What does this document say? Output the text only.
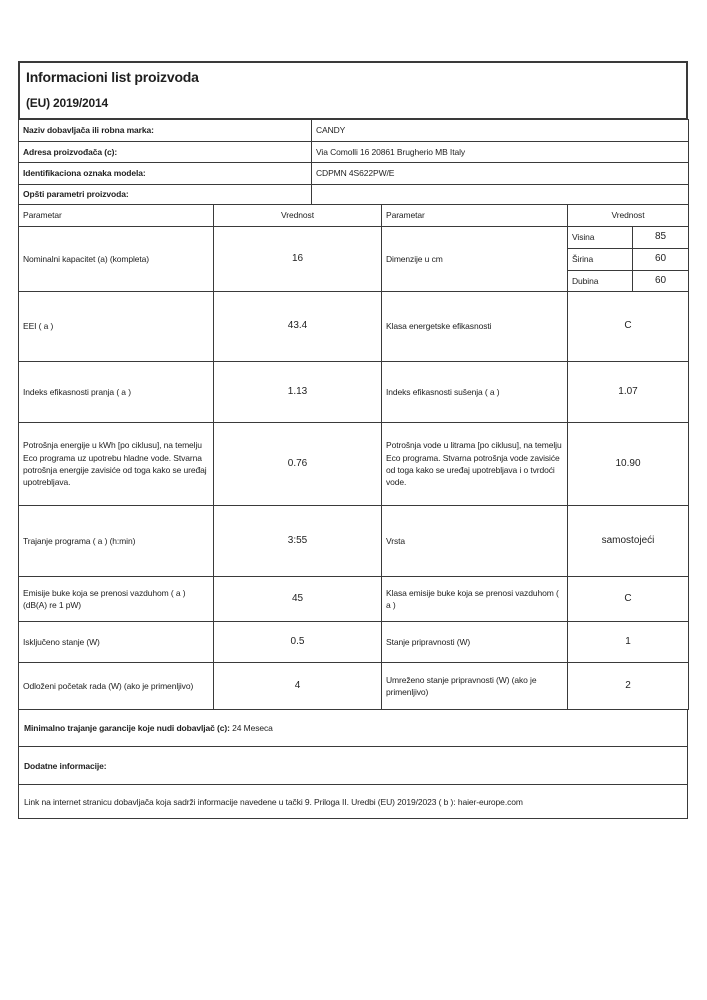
Informacioni list proizvoda
(EU) 2019/2014
Naziv dobavljača ili robna marka:	CANDY
Adresa proizvođača (c):	Via Comolli 16 20861 Brugherio MB Italy
Identifikaciona oznaka modela:	CDPMN 4S622PW/E
Opšti parametri proizvoda:	
Parametar	Vrednost	Parametar	Vrednost	
Nominalni kapacitet (a) (kompleta)	16	Dimenzije u cm	Visina	85
			Širina	60
			Dubina	60
EEI ( a )	43.4	Klasa energetske efikasnosti	C	
Indeks efikasnosti pranja ( a )	1.13	Indeks efikasnosti sušenja ( a )	1.07	
Potrošnja energije u kWh [po ciklusu], na temelju Eco programa uz upotrebu hladne vode. Stvarna potrošnja energije zavisiće od toga kako se uređaj upotrebljava.	0.76	Potrošnja vode u litrama [po ciklusu], na temelju Eco programa. Stvarna potrošnja vode zavisiće od toga kako se uređaj upotrebljava i o tvrdoći vode.	10.90	
Trajanje programa ( a ) (h:min)	3:55	Vrsta	samostojeći	
Emisije buke koja se prenosi vazduhom ( a ) (dB(A) re 1 pW)	45	Klasa emisije buke koja se prenosi vazduhom ( a )	C	
Isključeno stanje (W)	0.5	Stanje pripravnosti (W)	1	
Odloženi početak rada (W) (ako je primenljivo)	4	Umreženo stanje pripravnosti (W) (ako je primenljivo)	2	
Minimalno trajanje garancije koje nudi dobavljač (c): 24 Meseca
Dodatne informacije:
Link na internet stranicu dobavljača koja sadrži informacije navedene u tački 9. Priloga II. Uredbi (EU) 2019/2023 ( b ): haier-europe.com
